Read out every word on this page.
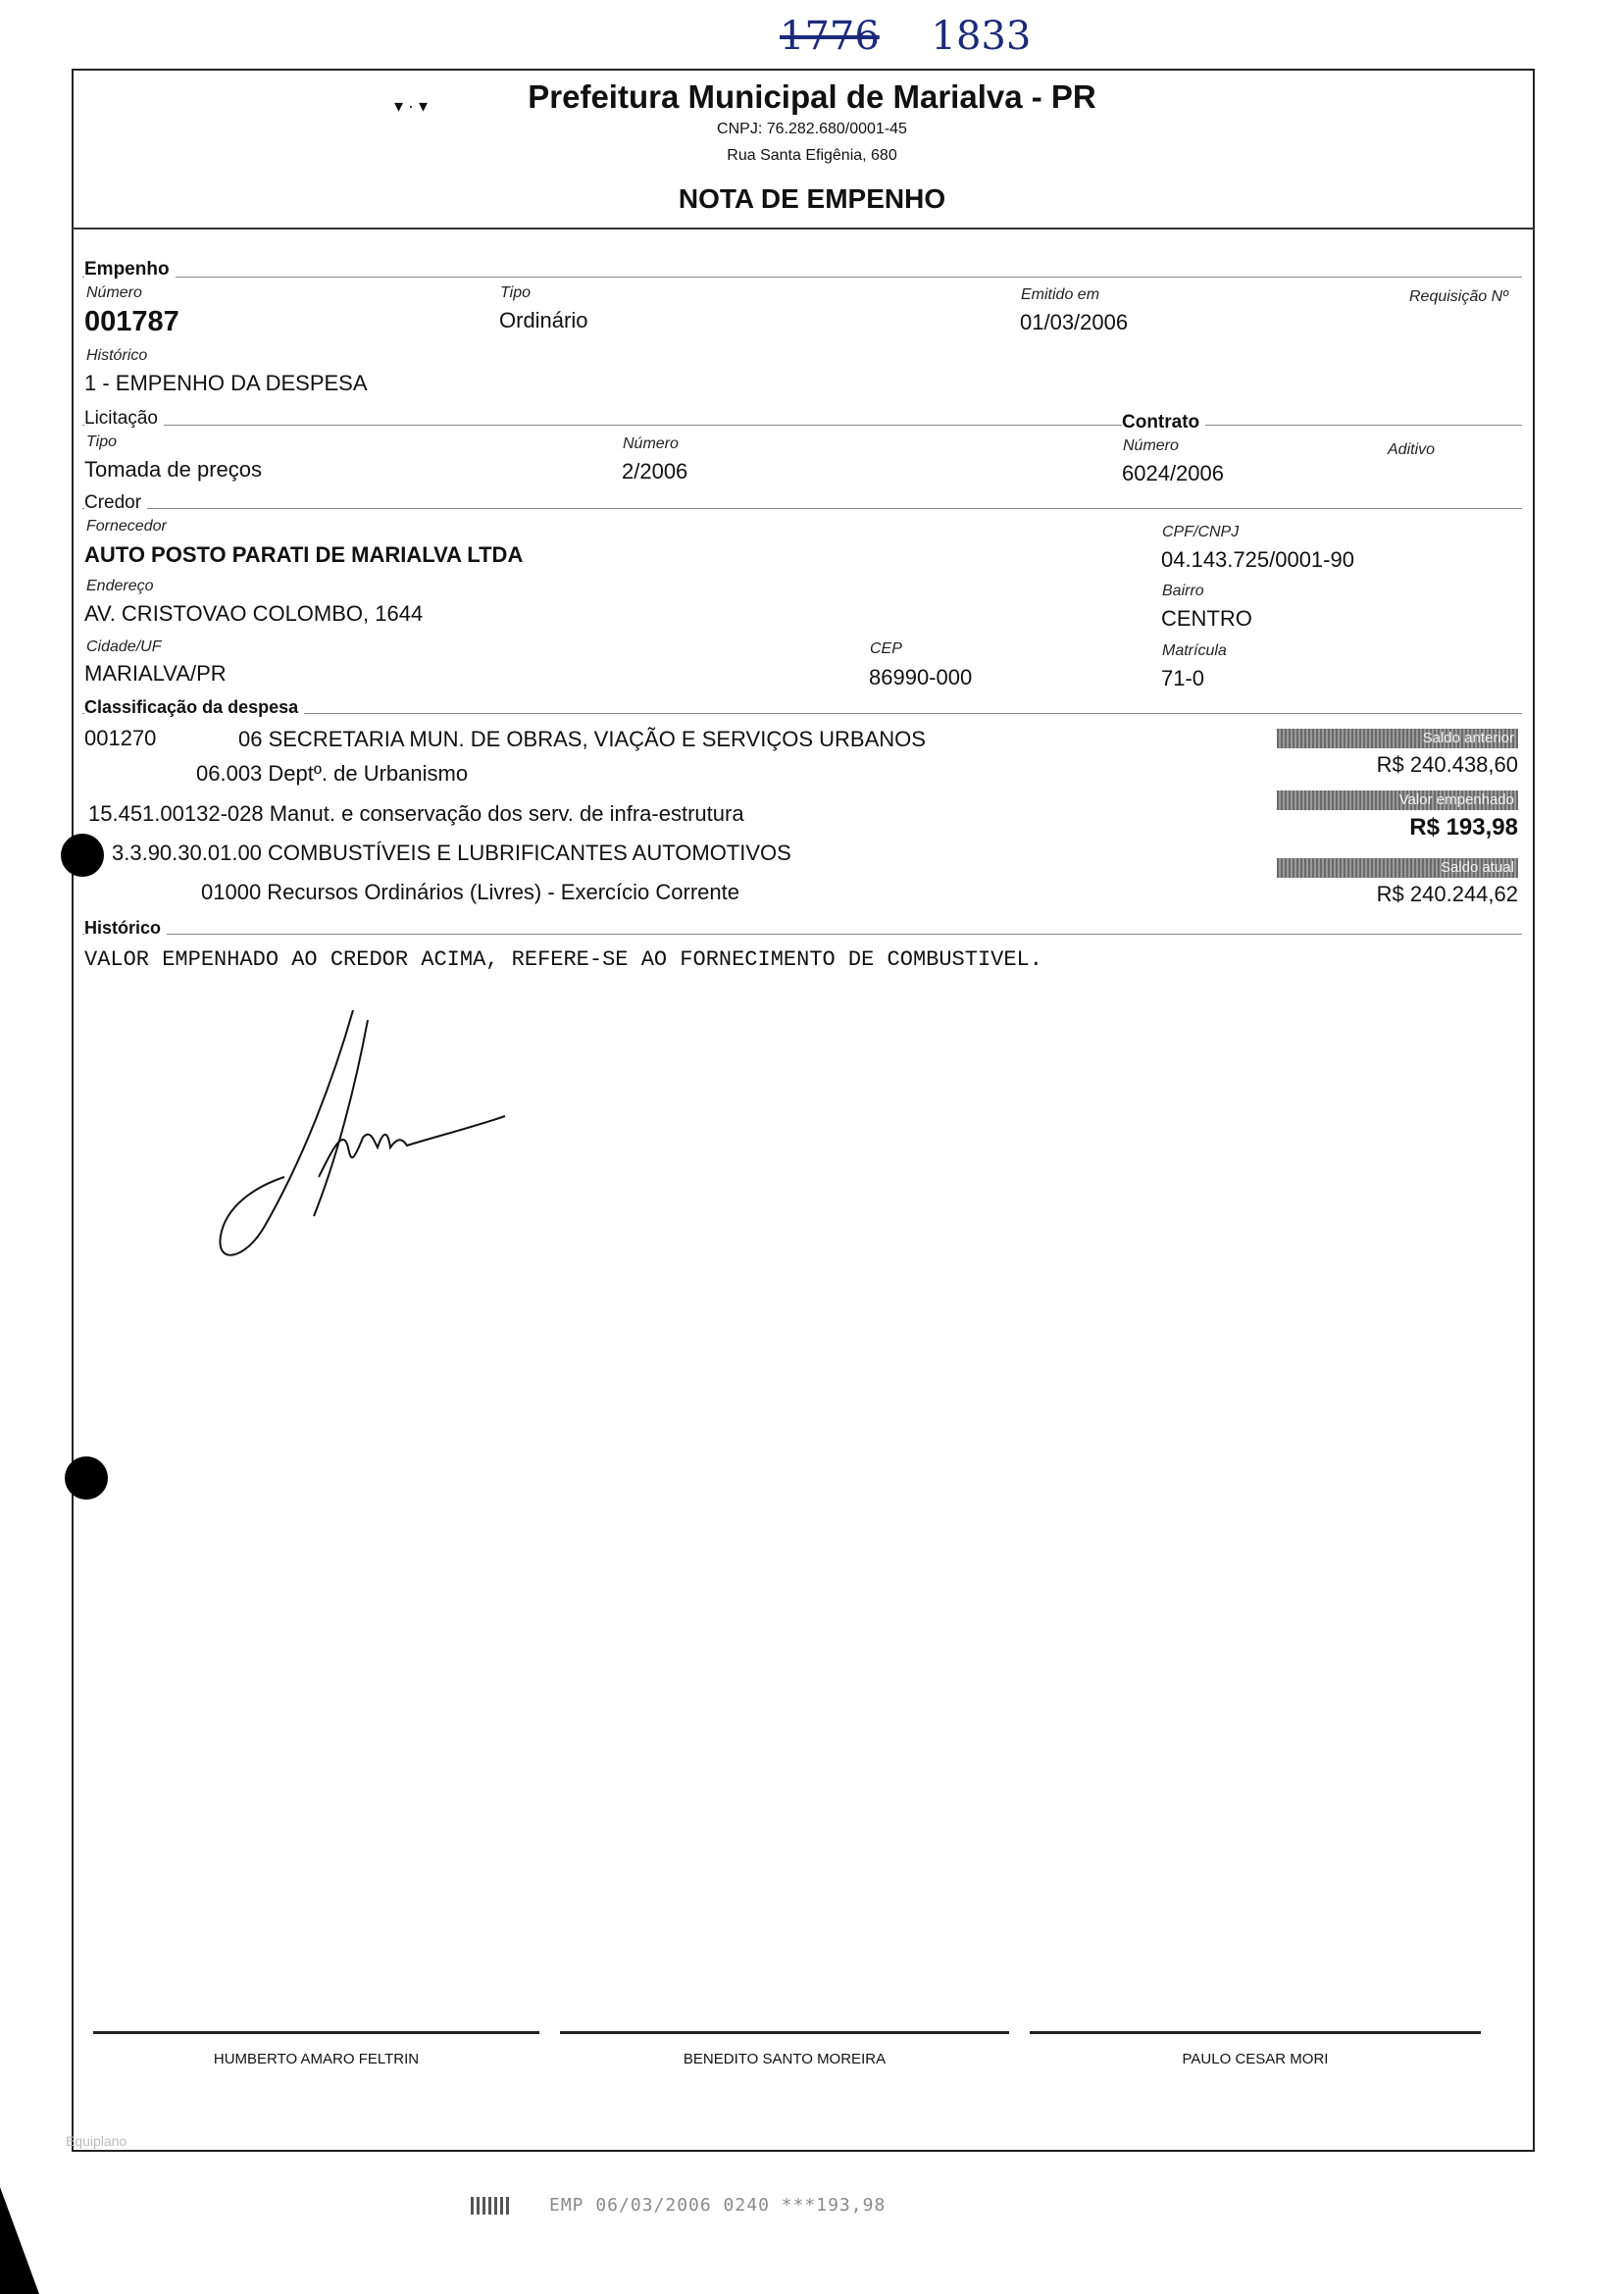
1776 1833
▾ · ▾	Prefeitura Municipal de Marialva - PR
CNPJ: 76.282.680/0001-45
Rua Santa Efigênia, 680
NOTA DE EMPENHO
Empenho
Número
001787
Tipo
Ordinário
Emitido em
01/03/2006
Requisição Nº
Histórico
1 - EMPENHO DA DESPESA
Licitação	Contrato
Tipo
Tomada de preços
Número
2/2006
Número
6024/2006
Aditivo
Credor
Fornecedor
AUTO POSTO PARATI DE MARIALVA LTDA
CPF/CNPJ
04.143.725/0001-90
Endereço
AV. CRISTOVAO COLOMBO, 1644
Bairro
CENTRO
Cidade/UF
MARIALVA/PR
CEP
86990-000
Matrícula
71-0
Classificação da despesa
001270	06 SECRETARIA MUN. DE OBRAS, VIAÇÃO E SERVIÇOS URBANOS
06.003 Deptº. de Urbanismo
15.451.00132-028 Manut. e conservação dos serv. de infra-estrutura
3.3.90.30.01.00 COMBUSTÍVEIS E LUBRIFICANTES AUTOMOTIVOS
01000 Recursos Ordinários (Livres) - Exercício Corrente
Saldo anterior
R$ 240.438,60
Valor empenhado
R$ 193,98
Saldo atual
R$ 240.244,62
Histórico
VALOR EMPENHADO AO CREDOR ACIMA, REFERE-SE AO FORNECIMENTO DE COMBUSTIVEL.
HUMBERTO AMARO FELTRIN	BENEDITO SANTO MOREIRA	PAULO CESAR MORI
Equiplano
EMP 06/03/2006 0240 ***193,98
